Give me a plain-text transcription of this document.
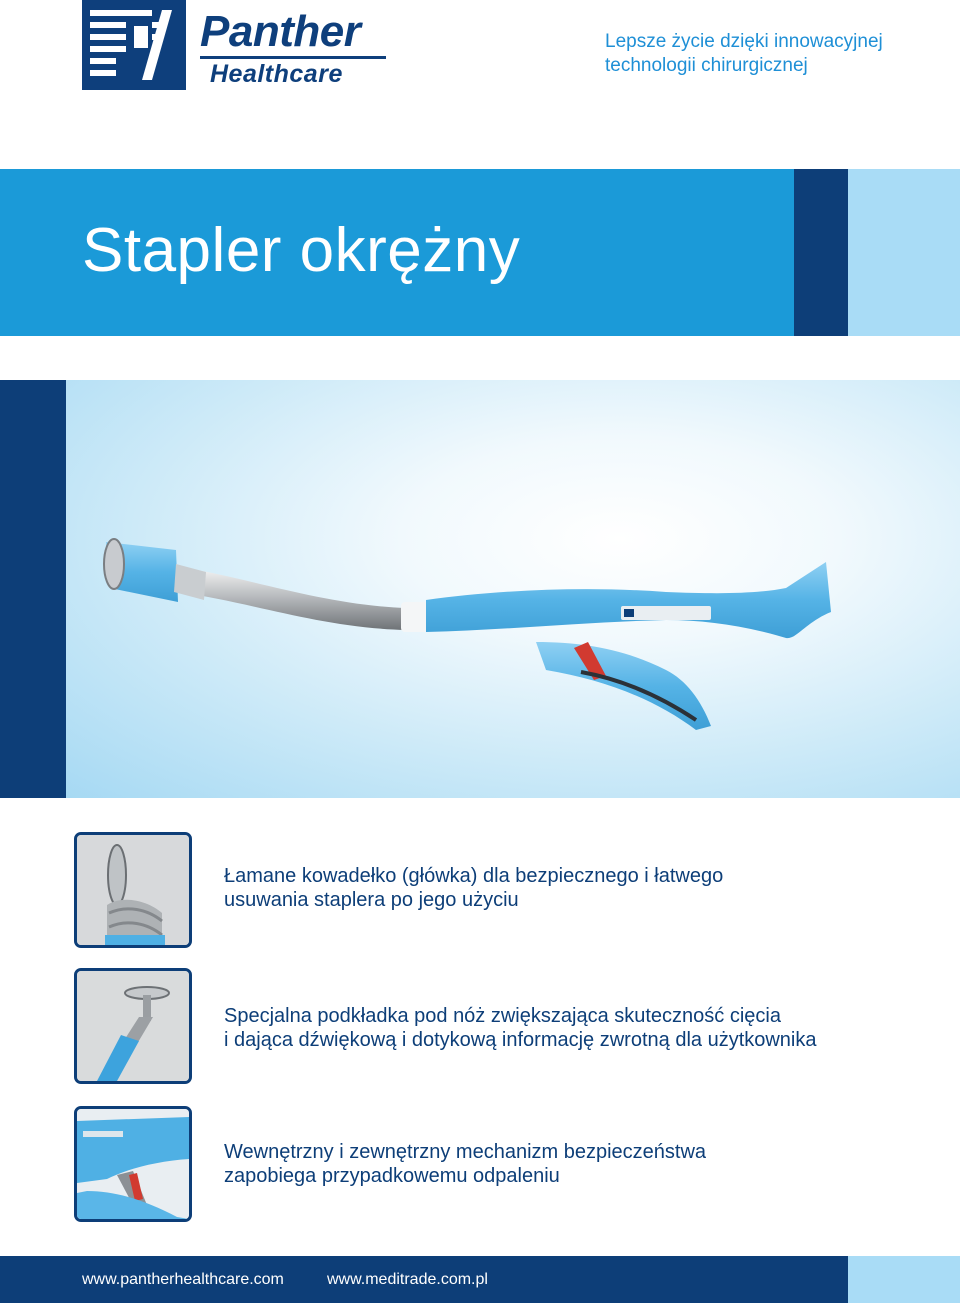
Panther
Healthcare
Lepsze życie dzięki innowacyjnej
technologii chirurgicznej
Stapler okrężny
Łamane kowadełko (główka) dla bezpiecznego i łatwego
usuwania staplera po jego użyciu
Specjalna podkładka pod nóż zwiększająca skuteczność cięcia
i dająca dźwiękową i dotykową informację zwrotną dla użytkownika
Wewnętrzny i zewnętrzny mechanizm bezpieczeństwa
zapobiega przypadkowemu odpaleniu
www.pantherhealthcare.com	www.meditrade.com.pl
